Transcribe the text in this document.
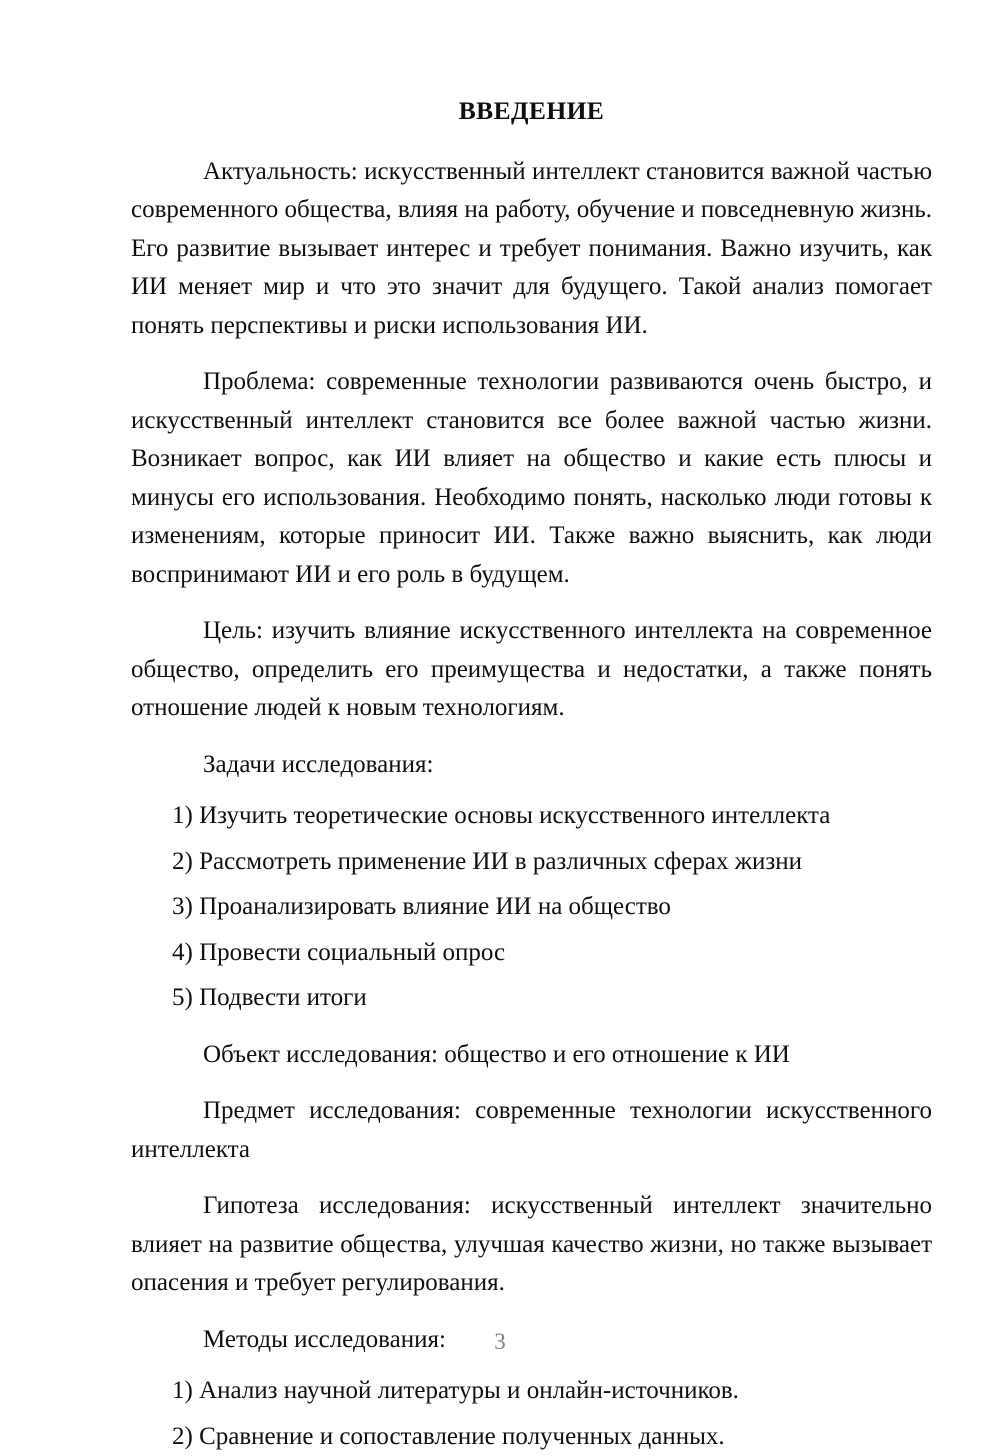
ВВЕДЕНИЕ

Актуальность: искусственный интеллект становится важной частью современного общества, влияя на работу, обучение и повседневную жизнь. Его развитие вызывает интерес и требует понимания. Важно изучить, как ИИ меняет мир и что это значит для будущего. Такой анализ помогает понять перспективы и риски использования ИИ.

Проблема: современные технологии развиваются очень быстро, и искусственный интеллект становится все более важной частью жизни. Возникает вопрос, как ИИ влияет на общество и какие есть плюсы и минусы его использования. Необходимо понять, насколько люди готовы к изменениям, которые приносит ИИ. Также важно выяснить, как люди воспринимают ИИ и его роль в будущем.

Цель: изучить влияние искусственного интеллекта на современное общество, определить его преимущества и недостатки, а также понять отношение людей к новым технологиям.

Задачи исследования:

1) Изучить теоретические основы искусственного интеллекта

2) Рассмотреть применение ИИ в различных сферах жизни

3) Проанализировать влияние ИИ на общество

4) Провести социальный опрос

5) Подвести итоги

Объект исследования: общество и его отношение к ИИ

Предмет исследования: современные технологии искусственного интеллекта

Гипотеза исследования: искусственный интеллект значительно влияет на развитие общества, улучшая качество жизни, но также вызывает опасения и требует регулирования.

Методы исследования:

1) Анализ научной литературы и онлайн-источников.

2) Сравнение и сопоставление полученных данных.

3
